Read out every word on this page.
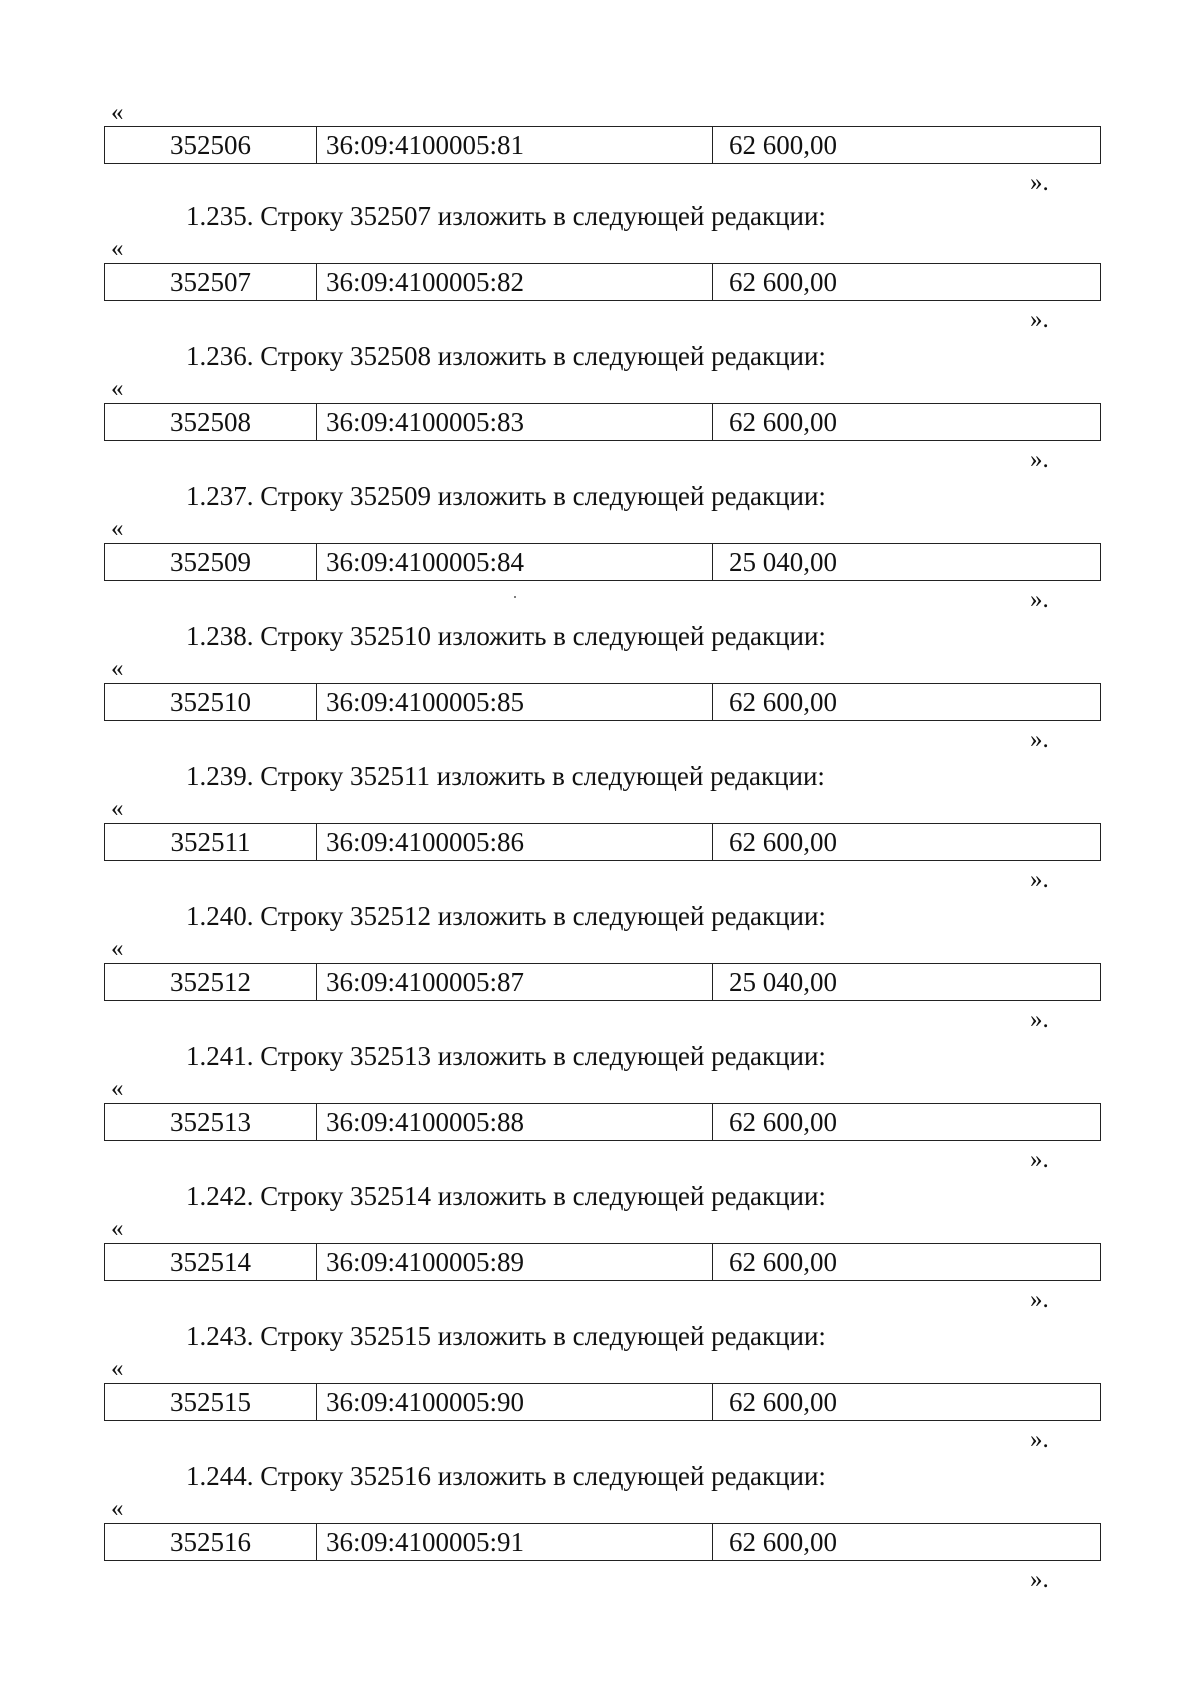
«
352506	36:09:4100005:81	62 600,00
».
1.235. Строку 352507 изложить в следующей редакции:
«
352507	36:09:4100005:82	62 600,00
».
1.236. Строку 352508 изложить в следующей редакции:
«
352508	36:09:4100005:83	62 600,00
».
1.237. Строку 352509 изложить в следующей редакции:
«
352509	36:09:4100005:84	25 040,00
».
1.238. Строку 352510 изложить в следующей редакции:
«
352510	36:09:4100005:85	62 600,00
».
1.239. Строку 352511 изложить в следующей редакции:
«
352511	36:09:4100005:86	62 600,00
».
1.240. Строку 352512 изложить в следующей редакции:
«
352512	36:09:4100005:87	25 040,00
».
1.241. Строку 352513 изложить в следующей редакции:
«
352513	36:09:4100005:88	62 600,00
».
1.242. Строку 352514 изложить в следующей редакции:
«
352514	36:09:4100005:89	62 600,00
».
1.243. Строку 352515 изложить в следующей редакции:
«
352515	36:09:4100005:90	62 600,00
».
1.244. Строку 352516 изложить в следующей редакции:
«
352516	36:09:4100005:91	62 600,00
».
